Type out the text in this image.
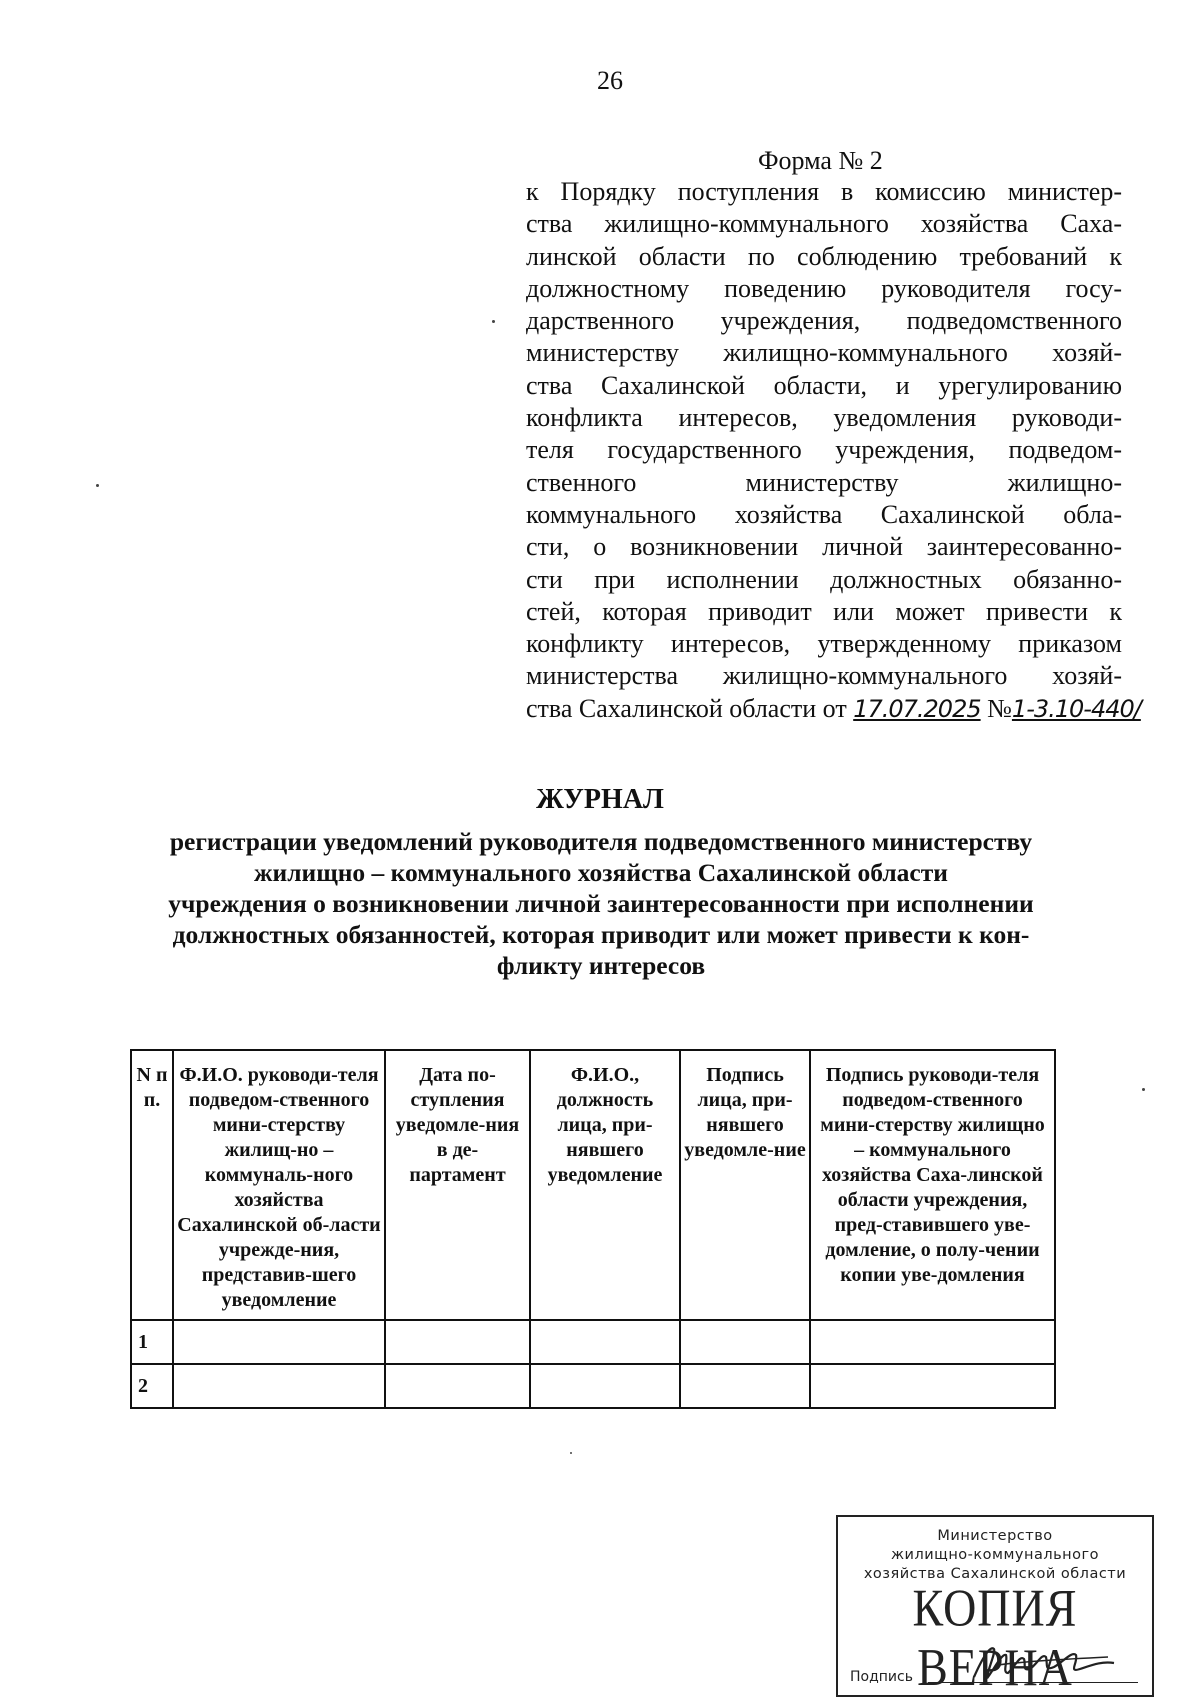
26
Форма № 2
к Порядку поступления в комиссию министер-
ства жилищно-коммунального хозяйства Саха-
линской области по соблюдению требований к
должностному поведению руководителя госу-
дарственного учреждения, подведомственного
министерству жилищно-коммунального хозяй-
ства Сахалинской области, и урегулированию
конфликта интересов, уведомления руководи-
теля государственного учреждения, подведом-
ственного министерству жилищно-
коммунального хозяйства Сахалинской обла-
сти, о возникновении личной заинтересованно-
сти при исполнении должностных обязанно-
стей, которая приводит или может привести к
конфликту интересов, утвержденному приказом
министерства жилищно-коммунального хозяй-
ства Сахалинской области от 17.07.2025 №1-3.10-440/
ЖУРНАЛ
регистрации уведомлений руководителя подведомственного министерству
жилищно – коммунального хозяйства Сахалинской области
учреждения о возникновении личной заинтересованности при исполнении
должностных обязанностей, которая приводит или может привести к кон-
фликту интересов
N п п.	Ф.И.О. руководи-теля подведом-ственного мини-стерству жилищ-но – коммуналь-ного хозяйства Сахалинской об-ласти учрежде-ния, представив-шего уведомление	Дата по-ступления уведомле-ния в де-партамент	Ф.И.О., должность лица, при-нявшего уведомление	Подпись лица, при-нявшего уведомле-ние	Подпись руководи-теля подведом-ственного мини-стерству жилищно – коммунального хозяйства Саха-линской области учреждения, пред-ставившего уве-домление, о полу-чении копии уве-домления
1					
2					
Министерство
жилищно-коммунального
хозяйства Сахалинской области
КОПИЯ ВЕРНА
Подпись
